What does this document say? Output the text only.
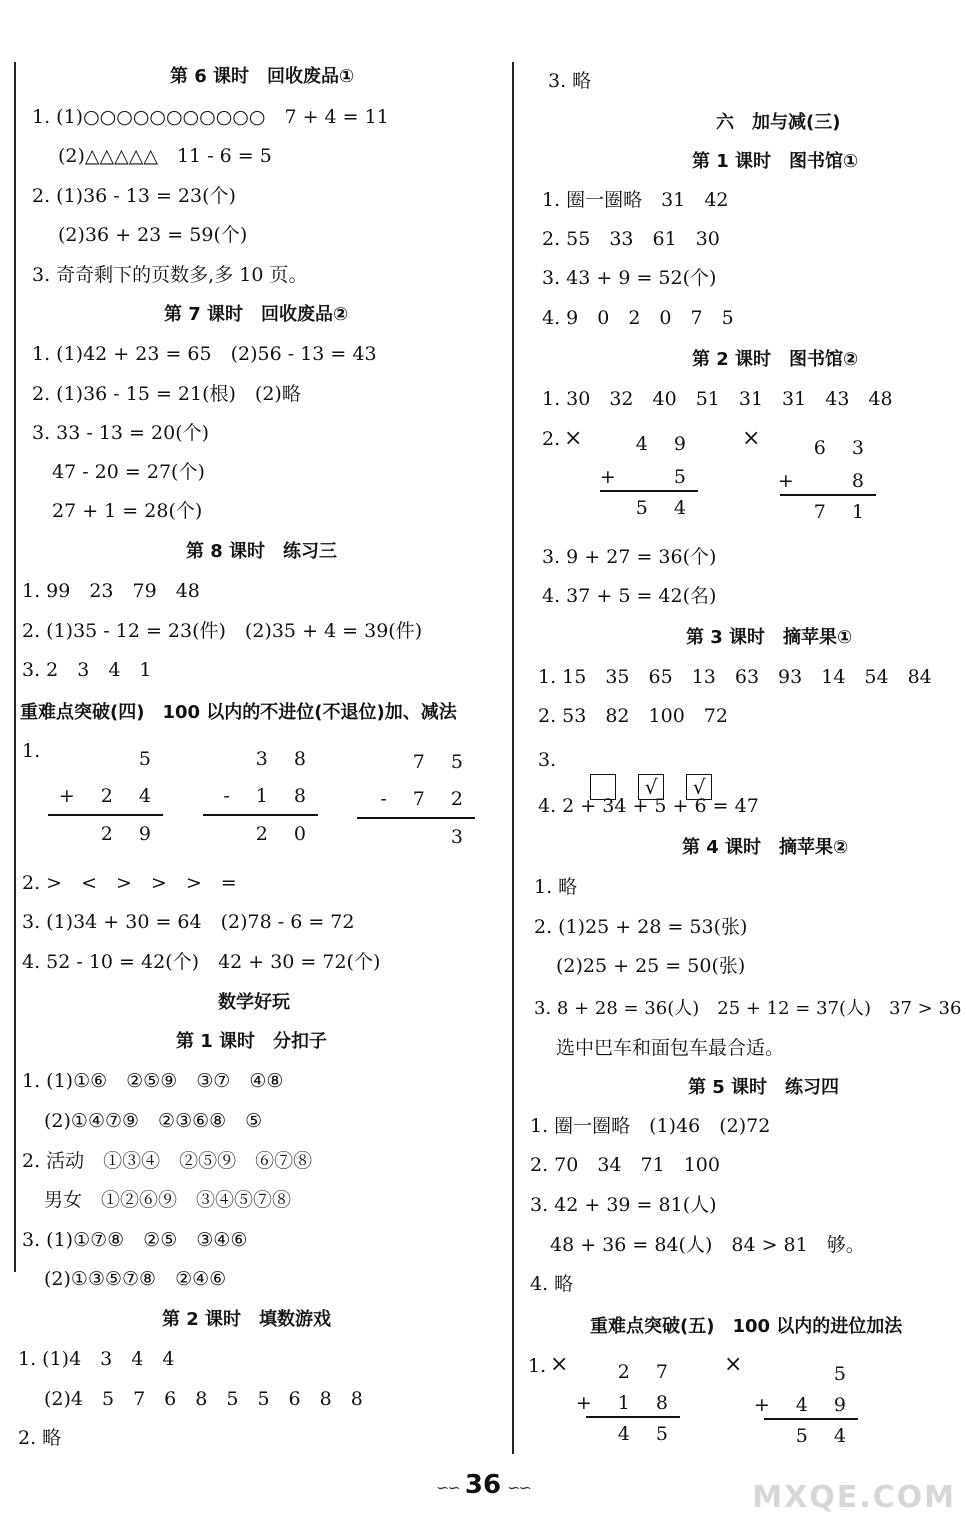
第 6 课时　回收废品①
1. (1)○○○○○○○○○○○　7 + 4 = 11
(2)△△△△△　11 - 6 = 5
2. (1)36 - 13 = 23(个)
(2)36 + 23 = 59(个)
3. 奇奇剩下的页数多,多 10 页。
第 7 课时　回收废品②
1. (1)42 + 23 = 65　(2)56 - 13 = 43
2. (1)36 - 15 = 21(根)　(2)略
3. 33 - 13 = 20(个)
47 - 20 = 27(个)
27 + 1 = 28(个)
第 8 课时　练习三
1. 99　23　79　48
2. (1)35 - 12 = 23(件)　(2)35 + 4 = 39(件)
3. 2　3　4　1
重难点突破(四)　100 以内的不进位(不退位)加、减法
1.	5
+ 2 4
2 9
3 8
- 1 8
2 0
7 5
- 7 2
3
2. >　<　>　>　>　=
3. (1)34 + 30 = 64　(2)78 - 6 = 72
4. 52 - 10 = 42(个)　42 + 30 = 72(个)
数学好玩
第 1 课时　分扣子
1. (1)①⑥　②⑤⑨　③⑦　④⑧
(2)①④⑦⑨　②③⑥⑧　⑤
2. 活动　①③④　②⑤⑨　⑥⑦⑧
男女　①②⑥⑨　③④⑤⑦⑧
3. (1)①⑦⑧　②⑤　③④⑥
(2)①③⑤⑦⑧　②④⑥
第 2 课时　填数游戏
1. (1)4　3　4　4
(2)4　5　7　6　8　5　5　6　8　8
2. 略
3. 略
六　加与减(三)
第 1 课时　图书馆①
1. 圈一圈略　31　42
2. 55　33　61　30
3. 43 + 9 = 52(个)
4. 9　0　2　0　7　5
第 2 课时　图书馆②
1. 30　32　40　51　31　31　43　48
2. ×	×
4 9
+   5
5 4
6 3
+   8
7 1
3. 9 + 27 = 36(个)
4. 37 + 5 = 42(名)
第 3 课时　摘苹果①
1. 15　35　65　13　63　93　14　54　84
2. 53　82　100　72
3.

√ √

4. 2 + 34 + 5 + 6 = 47
第 4 课时　摘苹果②
1. 略
2. (1)25 + 28 = 53(张)
(2)25 + 25 = 50(张)
3. 8 + 28 = 36(人)　25 + 12 = 37(人)　37 > 36
选中巴车和面包车最合适。
第 5 课时　练习四
1. 圈一圈略　(1)46　(2)72
2. 70　34　71　100
3. 42 + 39 = 81(人)
48 + 36 = 84(人)　84 > 81　够。
4. 略
重难点突破(五)　100 以内的进位加法
1. ×	×
2 7
+ 1 8
4 5
5
+ 4 9
5 4
∽∽ 36 ∽∽	MXQE.COM
